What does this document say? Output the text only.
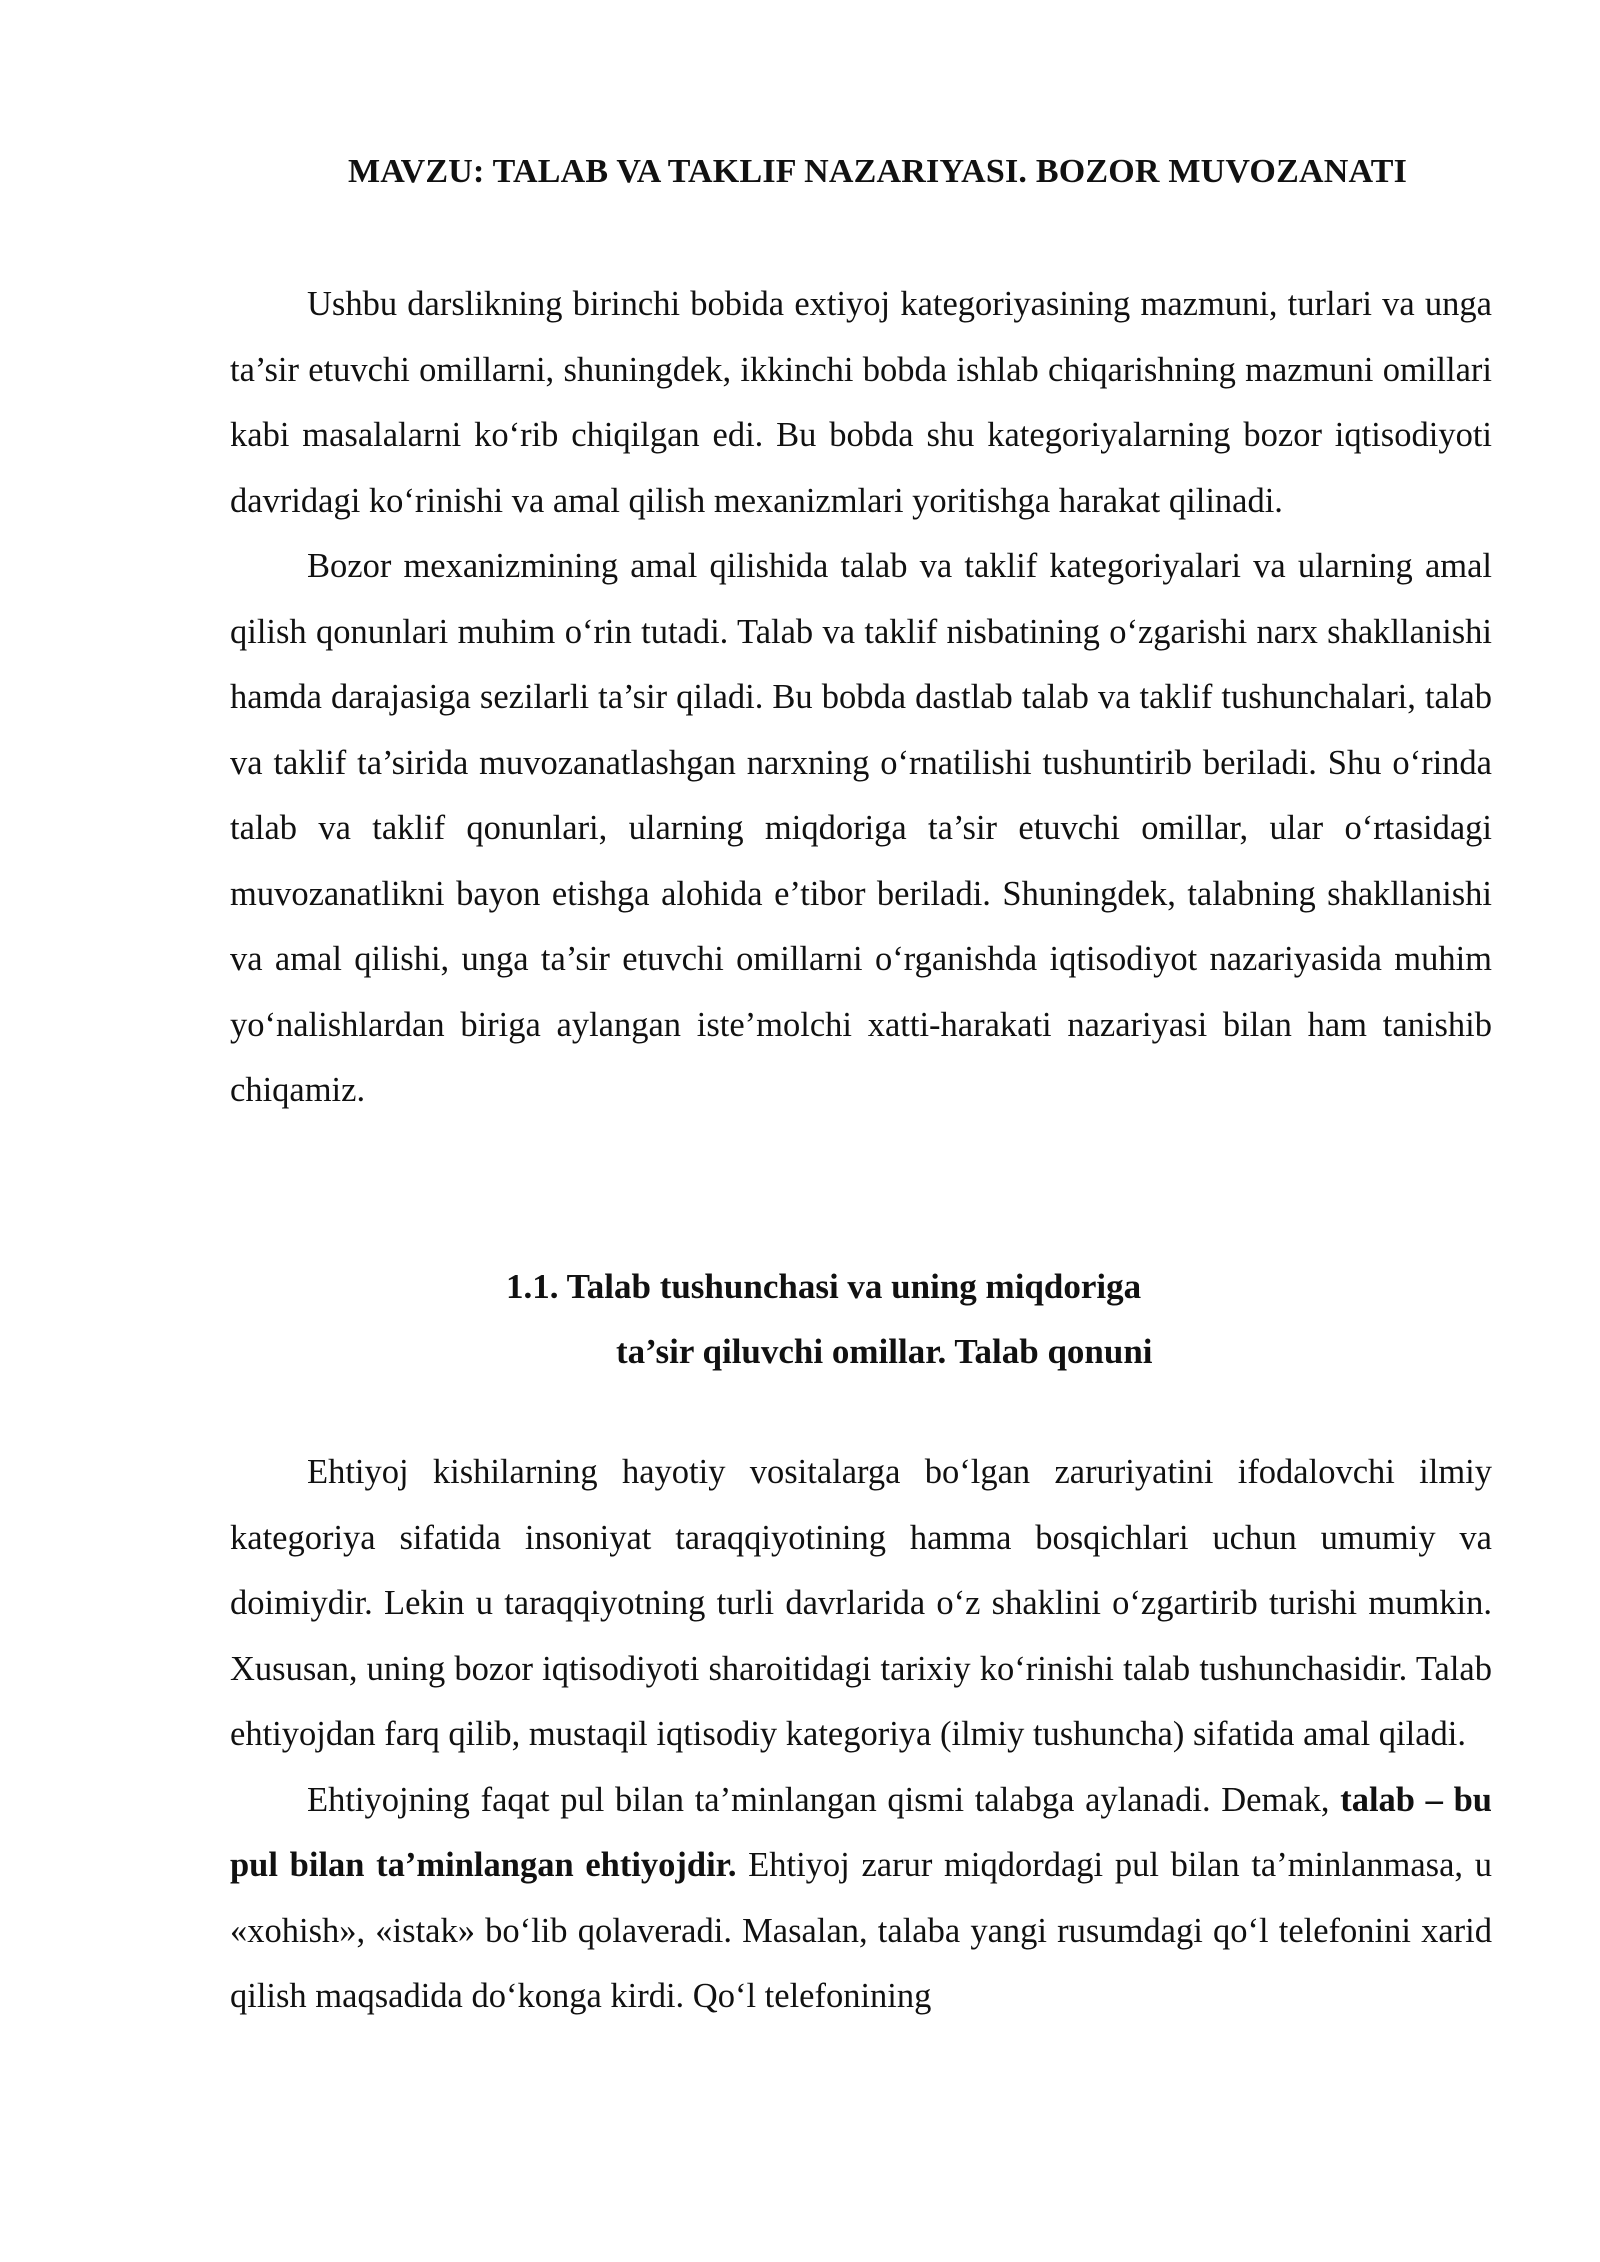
MAVZU: TALAB VA TAKLIF NAZARIYASI. BOZOR MUVOZANATI

Ushbu darslikning birinchi bobida extiyoj kategoriyasining mazmuni, turlari va unga ta’sir etuvchi omillarni, shuningdek, ikkinchi bobda ishlab chiqarishning mazmuni omillari kabi masalalarni ko‘rib chiqilgan edi. Bu bobda shu kategoriyalarning bozor iqtisodiyoti davridagi ko‘rinishi va amal qilish mexanizmlari yoritishga harakat qilinadi.

Bozor mexanizmining amal qilishida talab va taklif kategoriyalari va ularning amal qilish qonunlari muhim o‘rin tutadi. Talab va taklif nisbatining o‘zgarishi narx shakllanishi hamda darajasiga sezilarli ta’sir qiladi. Bu bobda dastlab talab va taklif tushunchalari, talab va taklif ta’sirida muvozanatlashgan narxning o‘rnatilishi tushuntirib beriladi. Shu o‘rinda talab va taklif qonunlari, ularning miqdoriga ta’sir etuvchi omillar, ular o‘rtasidagi muvozanatlikni bayon etishga alohida e’tibor beriladi. Shuningdek, talabning shakllanishi va amal qilishi, unga ta’sir etuvchi omillarni o‘rganishda iqtisodiyot nazariyasida muhim yo‘nalishlardan biriga aylangan iste’molchi xatti-harakati nazariyasi bilan ham tanishib chiqamiz.

1.1. Talab tushunchasi va uning miqdoriga
ta’sir qiluvchi omillar. Talab qonuni

Ehtiyoj kishilarning hayotiy vositalarga bo‘lgan zaruriyatini ifodalovchi ilmiy kategoriya sifatida insoniyat taraqqiyotining hamma bosqichlari uchun umumiy va doimiydir. Lekin u taraqqiyotning turli davrlarida o‘z shaklini o‘zgartirib turishi mumkin. Xususan, uning bozor iqtisodiyoti sharoitidagi tarixiy ko‘rinishi talab tushunchasidir. Talab ehtiyojdan farq qilib, mustaqil iqtisodiy kategoriya (ilmiy tushuncha) sifatida amal qiladi.

Ehtiyojning faqat pul bilan ta’minlangan qismi talabga aylanadi. Demak, talab – bu pul bilan ta’minlangan ehtiyojdir. Ehtiyoj zarur miqdordagi pul bilan ta’minlanmasa, u «xohish», «istak» bo‘lib qolaveradi. Masalan, talaba yangi rusumdagi qo‘l telefonini xarid qilish maqsadida do‘konga kirdi. Qo‘l telefonining
